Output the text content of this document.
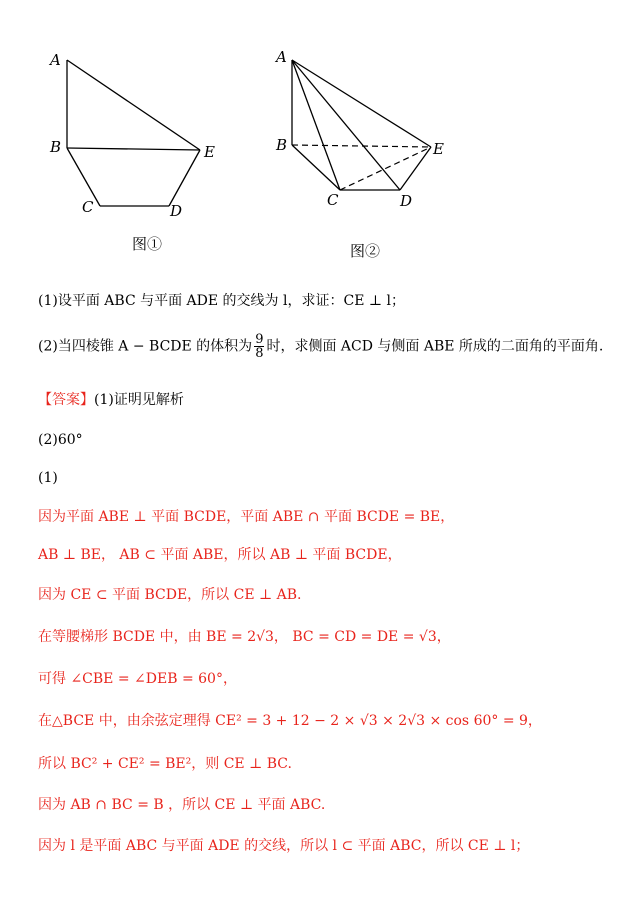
A
B
C	D
E
图①
A
B
C	D
E
图②
(1)设平面 ABC 与平面 ADE 的交线为 l，求证：CE ⊥ l；
(2)当四棱锥 A − BCDE 的体积为 $\frac{9}{8}$ 时，求侧面 ACD 与侧面 ABE 所成的二面角的平面角.
【答案】(1)证明见解析
(2)60°
(1)
因为平面 ABE ⊥ 平面 BCDE，平面 ABE ∩ 平面 BCDE = BE，
AB ⊥ BE， AB ⊂ 平面 ABE，所以 AB ⊥ 平面 BCDE，
因为 CE ⊂ 平面 BCDE，所以 CE ⊥ AB.
在等腰梯形 BCDE 中，由 BE = 2√3， BC = CD = DE = √3，
可得 ∠CBE = ∠DEB = 60°，
在△BCE 中，由余弦定理得 CE² = 3 + 12 − 2 × √3 × 2√3 × cos 60° = 9，
所以 BC² + CE² = BE²，则 CE ⊥ BC.
因为 AB ∩ BC = B ，所以 CE ⊥ 平面 ABC.
因为 l 是平面 ABC 与平面 ADE 的交线，所以 l ⊂ 平面 ABC，所以 CE ⊥ l；
